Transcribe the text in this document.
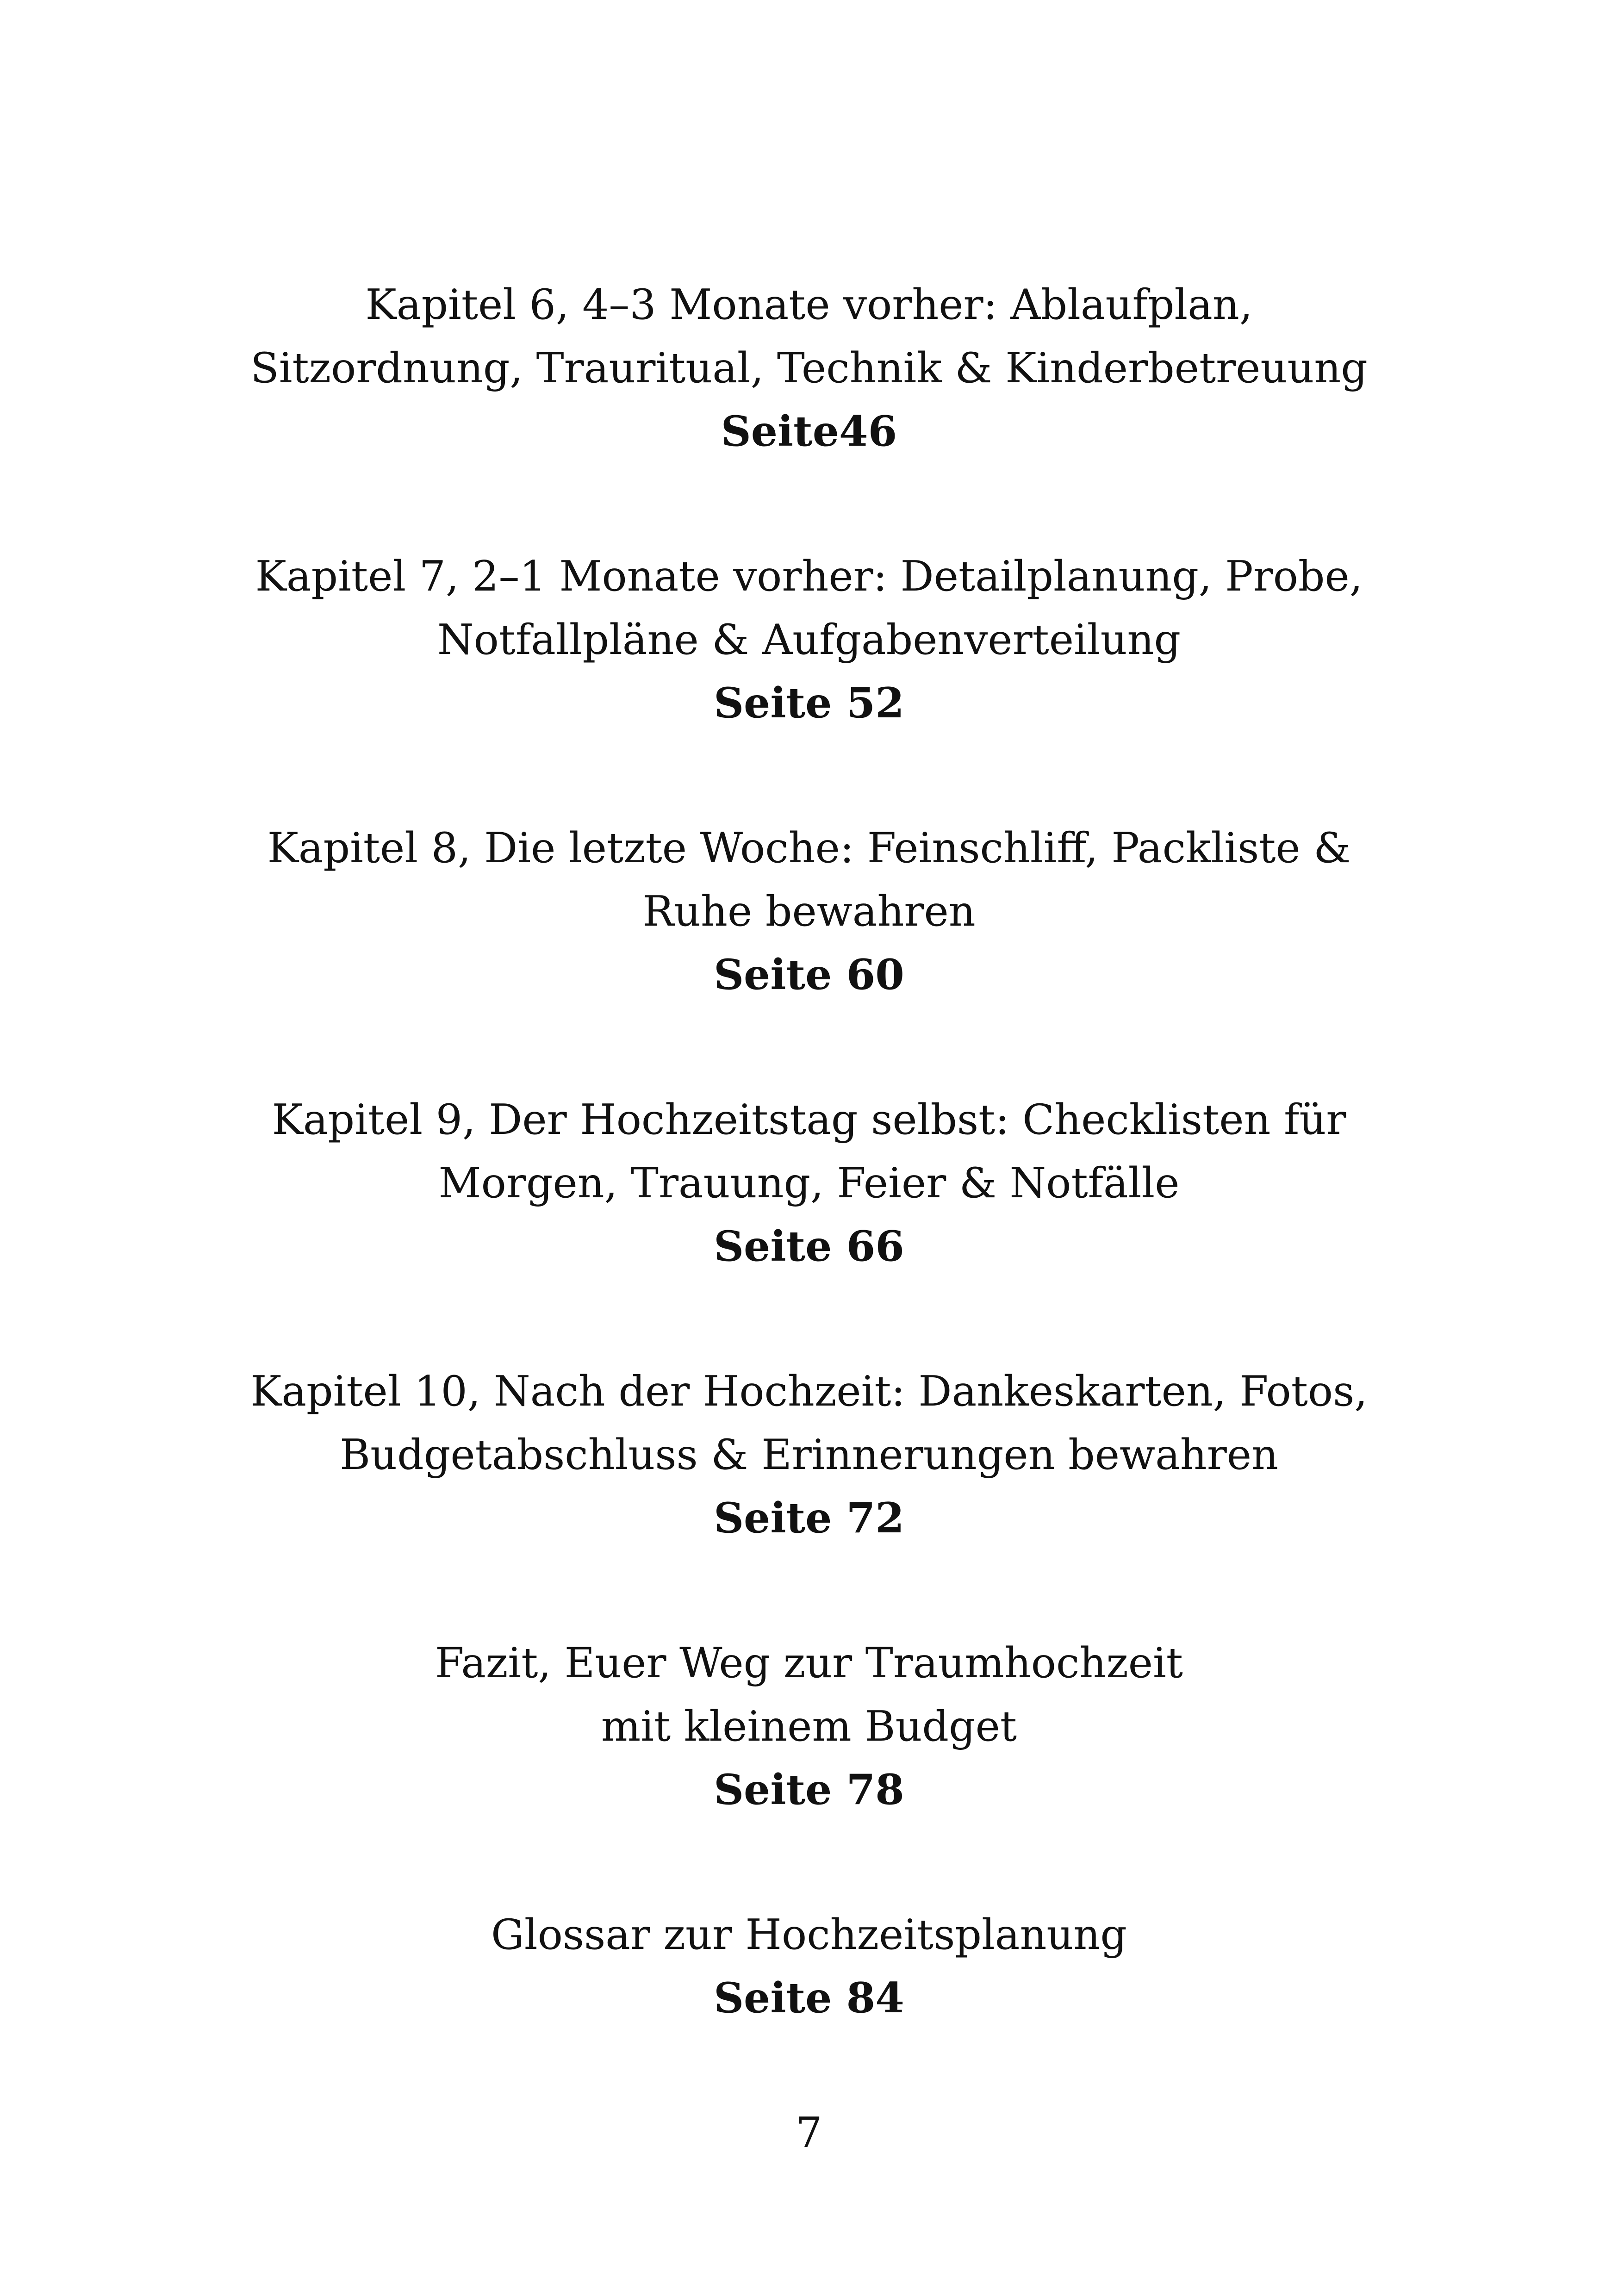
Kapitel 6, 4–3 Monate vorher: Ablaufplan,
Sitzordnung, Trauritual, Technik & Kinderbetreuung
Seite46
Kapitel 7, 2–1 Monate vorher: Detailplanung, Probe,
Notfallpläne & Aufgabenverteilung
Seite 52
Kapitel 8, Die letzte Woche: Feinschliff, Packliste &
Ruhe bewahren
Seite 60
Kapitel 9, Der Hochzeitstag selbst: Checklisten für
Morgen, Trauung, Feier & Notfälle
Seite 66
Kapitel 10, Nach der Hochzeit: Dankeskarten, Fotos,
Budgetabschluss & Erinnerungen bewahren
Seite 72
Fazit, Euer Weg zur Traumhochzeit
mit kleinem Budget
Seite 78
Glossar zur Hochzeitsplanung
Seite 84
7
